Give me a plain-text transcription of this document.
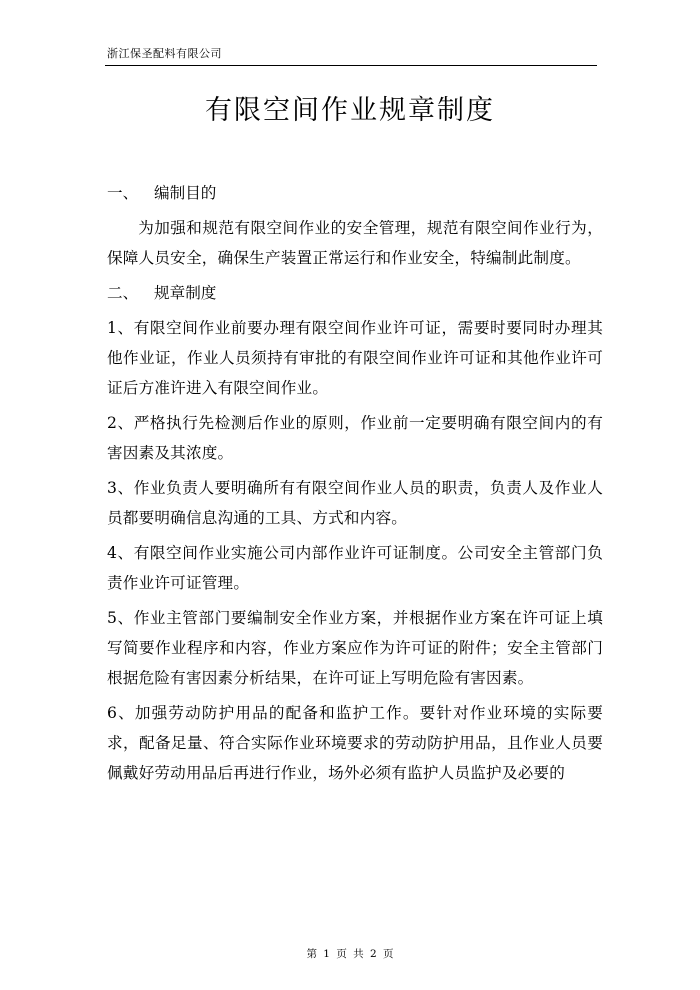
浙江保圣配料有限公司
有限空间作业规章制度
一、 编制目的

为加强和规范有限空间作业的安全管理，规范有限空间作业行为，保障人员安全，确保生产装置正常运行和作业安全，特编制此制度。

二、 规章制度

1、有限空间作业前要办理有限空间作业许可证，需要时要同时办理其他作业证，作业人员须持有审批的有限空间作业许可证和其他作业许可证后方准许进入有限空间作业。

2、严格执行先检测后作业的原则，作业前一定要明确有限空间内的有害因素及其浓度。

3、作业负责人要明确所有有限空间作业人员的职责，负责人及作业人员都要明确信息沟通的工具、方式和内容。

4、有限空间作业实施公司内部作业许可证制度。公司安全主管部门负责作业许可证管理。

5、作业主管部门要编制安全作业方案，并根据作业方案在许可证上填写简要作业程序和内容，作业方案应作为许可证的附件；安全主管部门根据危险有害因素分析结果，在许可证上写明危险有害因素。

6、加强劳动防护用品的配备和监护工作。要针对作业环境的实际要求，配备足量、符合实际作业环境要求的劳动防护用品，且作业人员要佩戴好劳动用品后再进行作业，场外必须有监护人员监护及必要的

第 1 页 共 2 页
